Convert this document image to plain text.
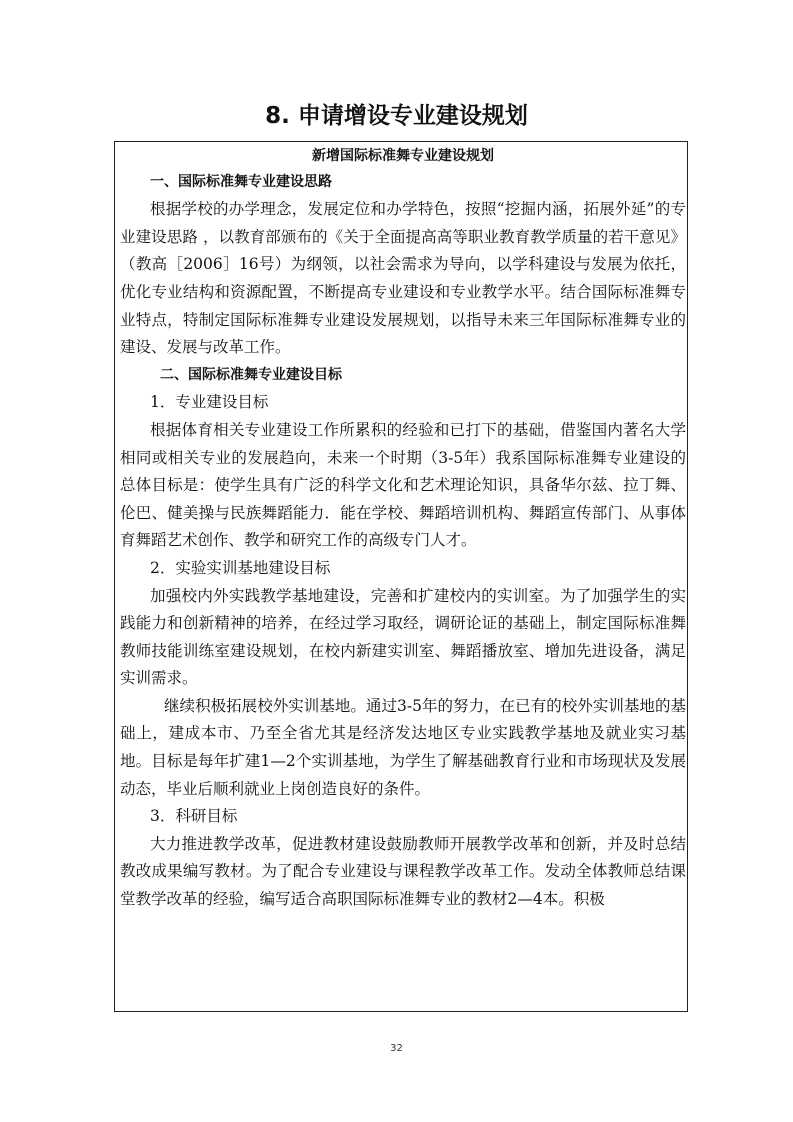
8. 申请增设专业建设规划

新增国际标准舞专业建设规划

一、国际标准舞专业建设思路

根据学校的办学理念，发展定位和办学特色，按照“挖掘内涵，拓展外延”的专业建设思路 ，以教育部颁布的《关于全面提高高等职业教育教学质量的若干意见》（教高［2006］16号）为纲领，以社会需求为导向，以学科建设与发展为依托，优化专业结构和资源配置，不断提高专业建设和专业教学水平。结合国际标准舞专业特点，特制定国际标准舞专业建设发展规划，以指导未来三年国际标准舞专业的建设、发展与改革工作。

二、国际标准舞专业建设目标

1．专业建设目标

根据体育相关专业建设工作所累积的经验和已打下的基础，借鉴国内著名大学相同或相关专业的发展趋向，未来一个时期（3-5年）我系国际标准舞专业建设的总体目标是：使学生具有广泛的科学文化和艺术理论知识，具备华尔兹、拉丁舞、伦巴、健美操与民族舞蹈能力．能在学校、舞蹈培训机构、舞蹈宣传部门、从事体育舞蹈艺术创作、教学和研究工作的高级专门人才。

2．实验实训基地建设目标

加强校内外实践教学基地建设，完善和扩建校内的实训室。为了加强学生的实践能力和创新精神的培养，在经过学习取经，调研论证的基础上，制定国际标准舞教师技能训练室建设规划，在校内新建实训室、舞蹈播放室、增加先进设备，满足实训需求。

继续积极拓展校外实训基地。通过3-5年的努力，在已有的校外实训基地的基础上，建成本市、乃至全省尤其是经济发达地区专业实践教学基地及就业实习基地。目标是每年扩建1—2个实训基地，为学生了解基础教育行业和市场现状及发展动态，毕业后顺利就业上岗创造良好的条件。

3．科研目标

大力推进教学改革，促进教材建设鼓励教师开展教学改革和创新，并及时总结教改成果编写教材。为了配合专业建设与课程教学改革工作。发动全体教师总结课堂教学改革的经验，编写适合高职国际标准舞专业的教材2—4本。积极

32
